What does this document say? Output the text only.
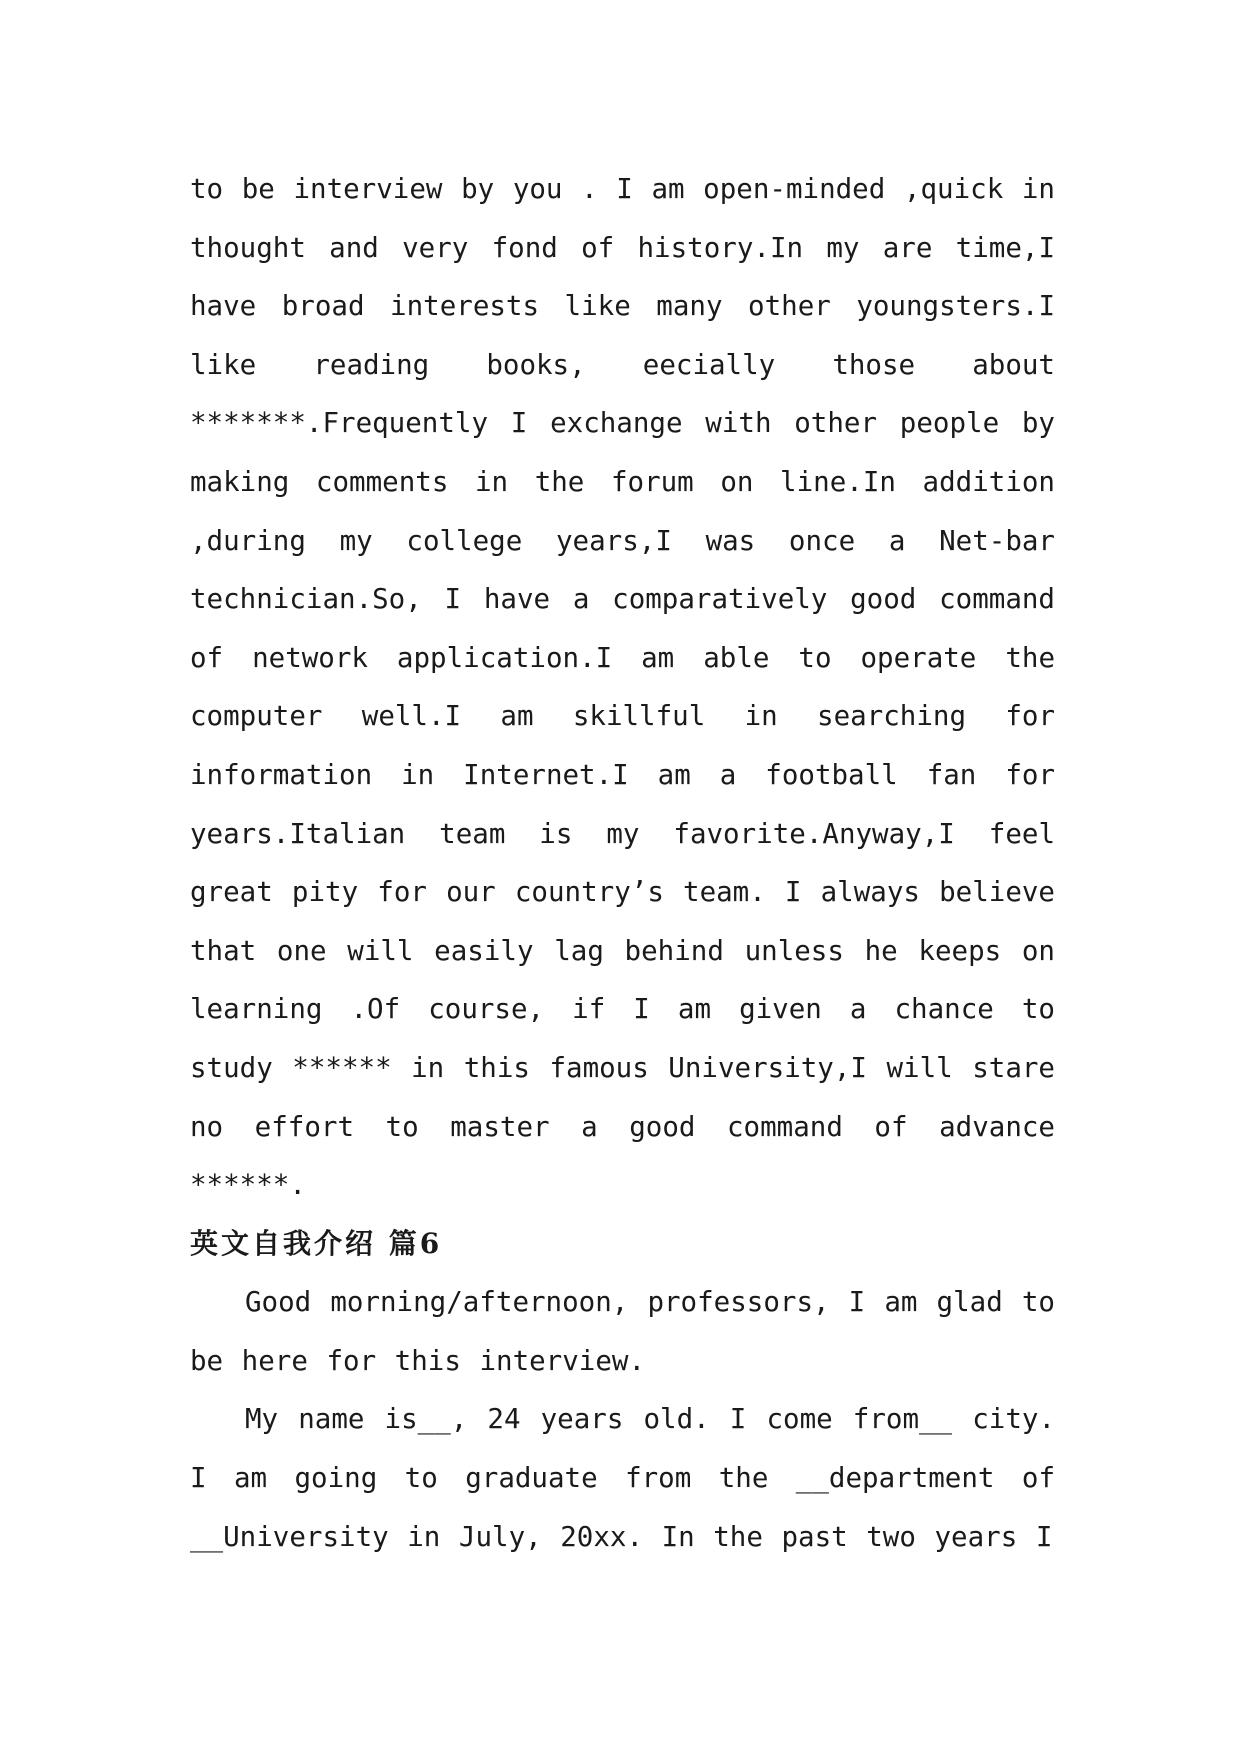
to be interview by you . I am open-minded ,quick in thought and very fond of history.In my are time,I have broad interests like many other youngsters.I like reading books, eecially those about *******.Frequently I exchange with other people by making comments in the forum on line.In addition ,during my college years,I was once a Net-bar technician.So, I have a comparatively good command of network application.I am able to operate the computer well.I am skillful in searching for information in Internet.I am a football fan for years.Italian team is my favorite.Anyway,I feel great pity for our country’s team. I always believe that one will easily lag behind unless he keeps on learning .Of course, if I am given a chance to study ****** in this famous University,I will stare no effort to master a good command of advance ******.

英文自我介绍 篇6

Good morning/afternoon, professors, I am glad to be here for this interview.

My name is__, 24 years old. I come from__ city. I am going to graduate from the __department of __University in July, 20xx. In the past two years I
